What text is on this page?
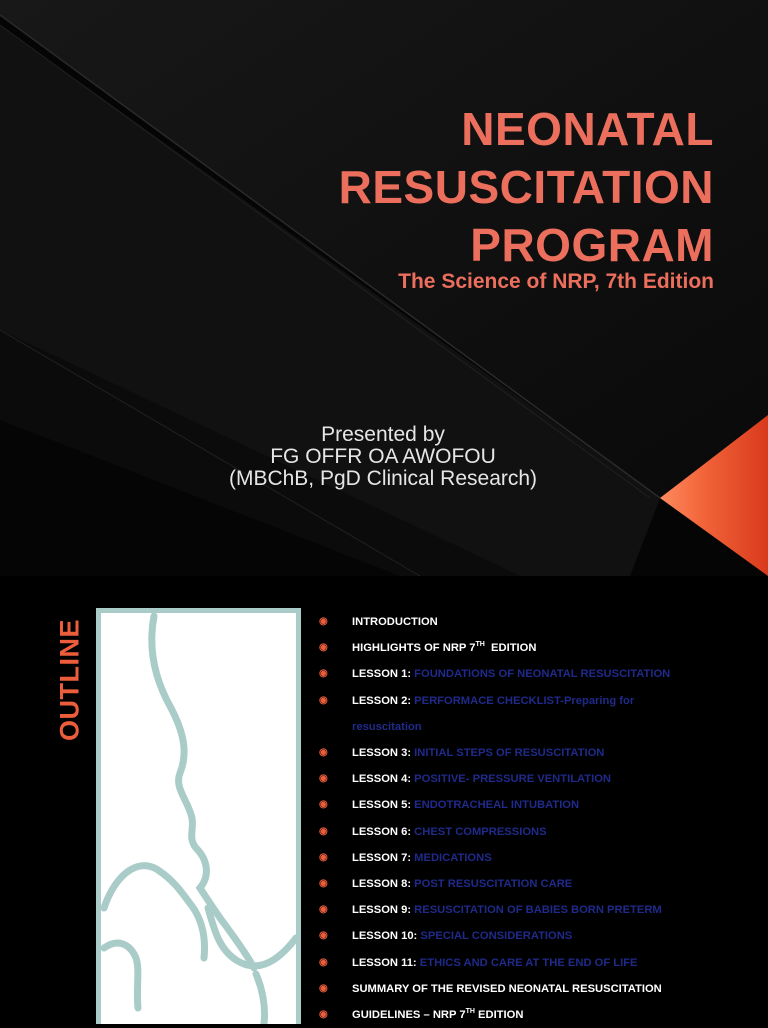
NEONATAL
RESUSCITATION
PROGRAM

The Science of NRP, 7th Edition

Presented by
FG OFFR OA AWOFOU
(MBChB, PgD Clinical Research)
OUTLINE	◉ INTRODUCTION
◉ HIGHLIGHTS OF NRP 7TH  EDITION
◉ LESSON 1: FOUNDATIONS OF NEONATAL RESUSCITATION
◉ LESSON 2: PERFORMACE CHECKLIST-Preparing for
resuscitation
◉ LESSON 3: INITIAL STEPS OF RESUSCITATION
◉ LESSON 4: POSITIVE- PRESSURE VENTILATION
◉ LESSON 5: ENDOTRACHEAL INTUBATION
◉ LESSON 6: CHEST COMPRESSIONS
◉ LESSON 7: MEDICATIONS
◉ LESSON 8: POST RESUSCITATION CARE
◉ LESSON 9: RESUSCITATION OF BABIES BORN PRETERM
◉ LESSON 10: SPECIAL CONSIDERATIONS
◉ LESSON 11: ETHICS AND CARE AT THE END OF LIFE
◉ SUMMARY OF THE REVISED NEONATAL RESUSCITATION
◉ GUIDELINES – NRP 7TH EDITION
